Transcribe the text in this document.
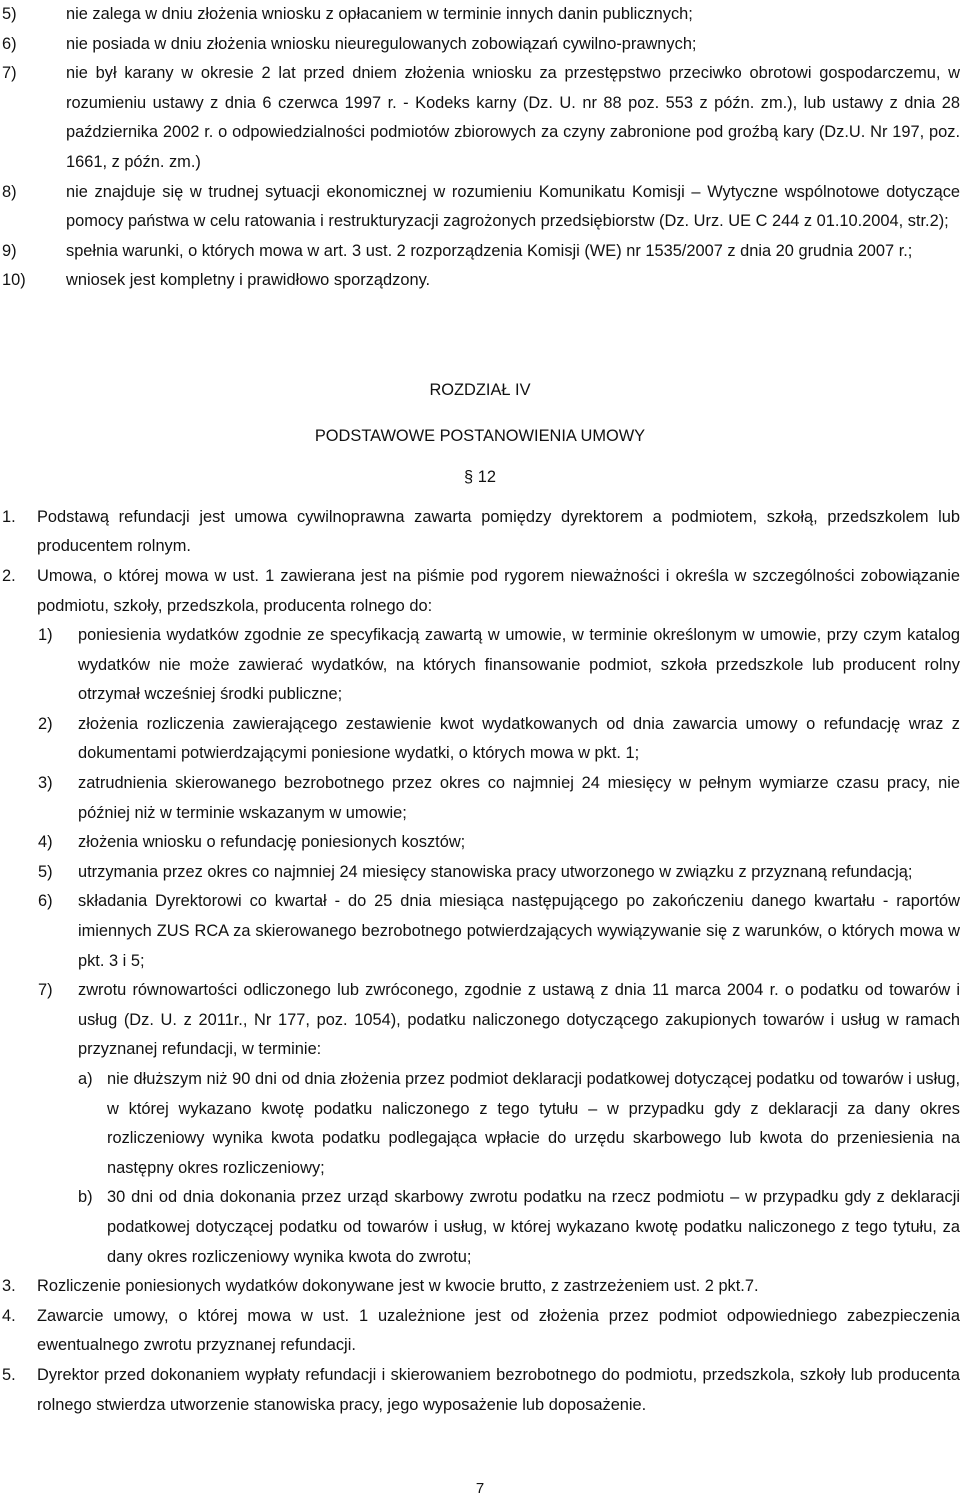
5)	nie zalega w dniu złożenia wniosku z opłacaniem w terminie innych danin publicznych;
6)	nie posiada w dniu złożenia wniosku nieuregulowanych zobowiązań cywilno-prawnych;
7)	nie był karany w okresie 2 lat przed dniem złożenia wniosku za przestępstwo przeciwko obrotowi gospodarczemu, w rozumieniu ustawy z dnia 6 czerwca 1997 r. - Kodeks karny (Dz. U. nr 88 poz. 553 z późn. zm.), lub ustawy z dnia 28 października 2002 r. o odpowiedzialności podmiotów zbiorowych za czyny zabronione pod groźbą kary (Dz.U. Nr 197, poz. 1661, z późn. zm.)
8)	nie znajduje się w trudnej sytuacji ekonomicznej w rozumieniu Komunikatu Komisji – Wytyczne wspólnotowe dotyczące pomocy państwa w celu ratowania i restrukturyzacji zagrożonych przedsiębiorstw (Dz. Urz. UE C 244 z 01.10.2004, str.2);
9)	spełnia warunki, o których mowa w art. 3 ust. 2 rozporządzenia Komisji (WE) nr 1535/2007 z dnia 20 grudnia 2007 r.;
10) wniosek jest kompletny i prawidłowo sporządzony.
ROZDZIAŁ IV
PODSTAWOWE POSTANOWIENIA UMOWY
§ 12
1. Podstawą refundacji jest umowa cywilnoprawna zawarta pomiędzy dyrektorem a podmiotem, szkołą, przedszkolem lub producentem rolnym.
2. Umowa, o której mowa w ust. 1 zawierana jest na piśmie pod rygorem nieważności i określa w szczególności zobowiązanie podmiotu, szkoły, przedszkola, producenta rolnego do:
1) poniesienia wydatków zgodnie ze specyfikacją zawartą w umowie, w terminie określonym w umowie, przy czym katalog wydatków nie może zawierać wydatków, na których finansowanie podmiot, szkoła przedszkole lub producent rolny otrzymał wcześniej środki publiczne;
2) złożenia rozliczenia zawierającego zestawienie kwot wydatkowanych od dnia zawarcia umowy o refundację wraz z dokumentami potwierdzającymi poniesione wydatki, o których mowa w pkt. 1;
3) zatrudnienia skierowanego bezrobotnego przez okres co najmniej 24 miesięcy w pełnym wymiarze czasu pracy, nie później niż w terminie wskazanym w umowie;
4) złożenia wniosku o refundację poniesionych kosztów;
5) utrzymania przez okres co najmniej 24 miesięcy stanowiska pracy utworzonego w związku z przyznaną refundacją;
6) składania Dyrektorowi co kwartał - do 25 dnia miesiąca następującego po zakończeniu danego kwartału - raportów imiennych ZUS RCA za skierowanego bezrobotnego potwierdzających wywiązywanie się z warunków, o których mowa w pkt. 3 i 5;
7) zwrotu równowartości odliczonego lub zwróconego, zgodnie z ustawą z dnia 11 marca 2004 r. o podatku od towarów i usług (Dz. U. z 2011r., Nr 177, poz. 1054), podatku naliczonego dotyczącego zakupionych towarów i usług w ramach przyznanej refundacji, w terminie:
a) nie dłuższym niż 90 dni od dnia złożenia przez podmiot deklaracji podatkowej dotyczącej podatku od towarów i usług, w której wykazano kwotę podatku naliczonego z tego tytułu – w przypadku gdy z deklaracji za dany okres rozliczeniowy wynika kwota podatku podlegająca wpłacie do urzędu skarbowego lub kwota do przeniesienia na następny okres rozliczeniowy;
b) 30 dni od dnia dokonania przez urząd skarbowy zwrotu podatku na rzecz podmiotu – w przypadku gdy z deklaracji podatkowej dotyczącej podatku od towarów i usług, w której wykazano kwotę podatku naliczonego z tego tytułu, za dany okres rozliczeniowy wynika kwota do zwrotu;
3. Rozliczenie poniesionych wydatków dokonywane jest w kwocie brutto, z zastrzeżeniem ust. 2 pkt.7.
4. Zawarcie umowy, o której mowa w ust. 1 uzależnione jest od złożenia przez podmiot odpowiedniego zabezpieczenia ewentualnego zwrotu przyznanej refundacji.
5. Dyrektor przed dokonaniem wypłaty refundacji i skierowaniem bezrobotnego do podmiotu, przedszkola, szkoły lub producenta rolnego stwierdza utworzenie stanowiska pracy, jego wyposażenie lub doposażenie.
7
